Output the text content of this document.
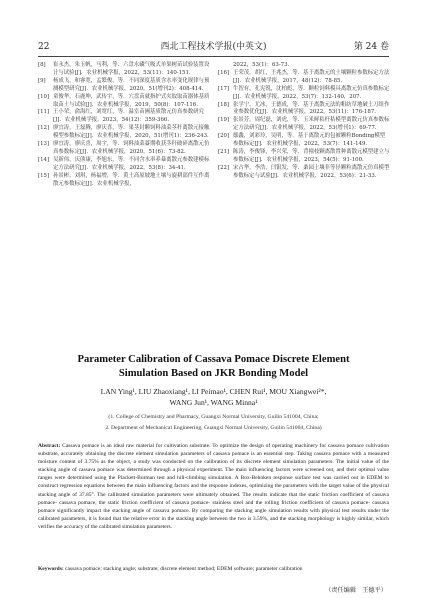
22	西北工程技术学报(中英文)	第 24 卷

[8] 崔永杰，朱玉帆，马利，等．六盘水磷气吸式单果树苗试验装置设计与试验[J]．农业机械学报，2022，53(11)：140-151.

[9] 杨成飞，和睿宽，孟繁俊，等．不同深度基质含水率变化规律与预测模型研究[J]．农业机械学报，2020，51(增刊2)：408-414.

[10] 童俊华，石鹿坤，武传宇，等．穴盘苗就指护式夹取取苗器体基质取苗土与试验[J]．农业机械学报，2019，50(8)：107-116.

[11] 王小荣，俞海红，刘宽红，等．温室苗圃基质散元仿真参数研究[J]．农业机械学报，2023，54(12)：359-366.

[12] 廖宜涛，王磊腾，廖庆喜，等．果茎封颗饲料油菜茎秆离散元接触模型参数标定[J]．农业机械学报，2020，51(增刊1)：236-243.

[13] 廖宜涛，廖庆喜，周宇，等．饲料油菜薹期收获茎秆破碎离散元仿真参数标定[J]．农业机械学报，2020，51(6)：73-82.

[14] 吴新伟，庆熊康，李旭东，等．不同含水率养暴离散元参数建模标定方法研究[J]．农业机械学报，2022，53(8)：34-41.

[15] 孙景彬，刘琪，杨福增，等．黄土高原坡地土壤与旋耕部件互作离散元参数标定[J]．农业机械学报，

2022，53(1)：63-73.

[16] 王荣茂，胡红，王兆杰，等．基于离散元的土壤颗粒参数标定方法[J]．农业机械学报，2017，48(12)：78-85.

[17] 牛智有，孔宪锐，沈柏彪，等．颗粒饲料模具离散元仿真参数标定[J]．农业机械学报，2022，53(7)：132-140，207.

[18] 张学宁，尤冰，王德成，等．基于离散元法的粗纺草地破土刀组作业参数优化[J]．农业机械学报，2022，53(11)：176-187.

[19] 张景芳，周纪磊，刘虎，等．玉米鲜秸杆秸模型离散元仿真参数标定方法研究[J]．农业机械学报，2022，53(增刊1)：69-77.

[20] 鄢鑫，刘彩玲，吴明，等．基于离散元的包被颗粒Bonding模型参数标定[J]．农业机械学报，2022，53(7)：141-149.

[21] 陈涛，李俊锋，李兴荣，等．背撞枝颗离散置种离散元模型建立与参数标定[J]．农业机械学报，2023，54(5)：91-100.

[22] 宋占华，李浩，闫银发，等．桑园土壤非等径颗粒离散元仿真模型参数标定与试验[J]．农业机械学报，2022，53(6)：21-33.

Parameter Calibration of Cassava Pomace Discrete Element
Simulation Based on JKR Bonding Model
LAN Ying¹, LIU Zhaoxiang¹, LI Peimao¹, CHEN Rui¹, MOU Xiangwei²*,
WANG Jun¹, WANG Minna¹
(1. College of Chemistry and Pharmacy, Guangxi Normal University, Guilin 541004, China;
2. Department of Mechanical Engineering, Guangxi Normal University, Guilin 541004, China)
Abstract: Cassava pomace is an ideal raw material for cultivation substrate. To optimize the design of operating machinery for cassava pomace cultivation substrate, accurately obtaining the discrete element simulation parameters of cassava pomace is an essential step. Taking cassava pomace with a measured moisture content of 3.75% as the object, a study was conducted on the calibration of its discrete element simulation parameters. The initial value of the stacking angle of cassava pomace was determined through a physical experiment. The main influencing factors were screened out, and their optimal value ranges were determined using the Plackett-Burman test and hill-climbing simulation. A Box-Behnken response surface test was carried out in EDEM to construct regression equations between the main influencing factors and the response indexes, optimizing the parameters with the target value of the physical stacking angle of 37.85°. The calibrated simulation parameters were ultimately obtained. The results indicate that the static friction coefficient of cassava pomace- cassava pomace, the static friction coefficient of cassava pomace- stainless steel and the rolling friction coefficient of cassava pomace- cassava pomace significantly impact the stacking angle of cassava pomace. By comparing the stacking angle simulation results with physical test results under the calibrated parameters, it is found that the relative error in the stacking angle between the two is 3.59%, and the stacking morphology is highly similar, which verifies the accuracy of the calibrated simulation parameters.
Keywords: cassava pomace; stacking angle; substrate; discrete element method; EDEM software; parameter calibration
（责任编辑　王德平）
